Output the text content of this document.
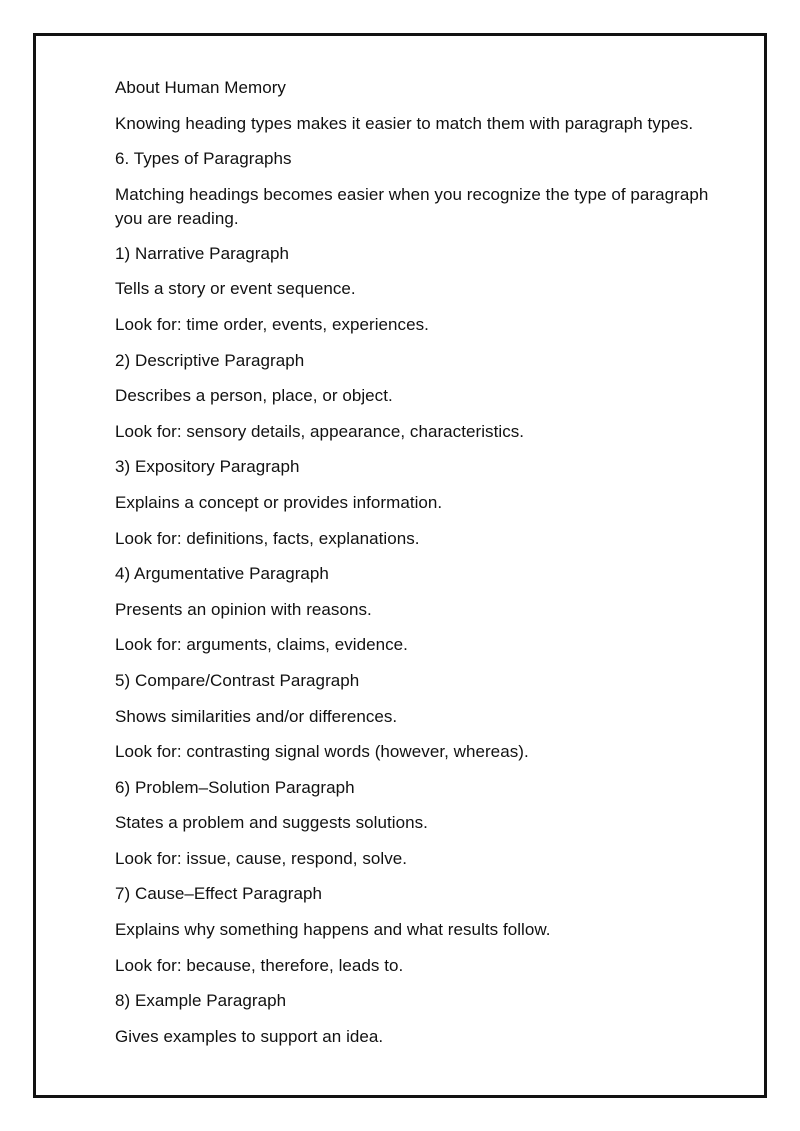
About Human Memory
Knowing heading types makes it easier to match them with paragraph types.
6. Types of Paragraphs
Matching headings becomes easier when you recognize the type of paragraph you are reading.
1) Narrative Paragraph
Tells a story or event sequence.
Look for: time order, events, experiences.
2) Descriptive Paragraph
Describes a person, place, or object.
Look for: sensory details, appearance, characteristics.
3) Expository Paragraph
Explains a concept or provides information.
Look for: definitions, facts, explanations.
4) Argumentative Paragraph
Presents an opinion with reasons.
Look for: arguments, claims, evidence.
5) Compare/Contrast Paragraph
Shows similarities and/or differences.
Look for: contrasting signal words (however, whereas).
6) Problem–Solution Paragraph
States a problem and suggests solutions.
Look for: issue, cause, respond, solve.
7) Cause–Effect Paragraph
Explains why something happens and what results follow.
Look for: because, therefore, leads to.
8) Example Paragraph
Gives examples to support an idea.
